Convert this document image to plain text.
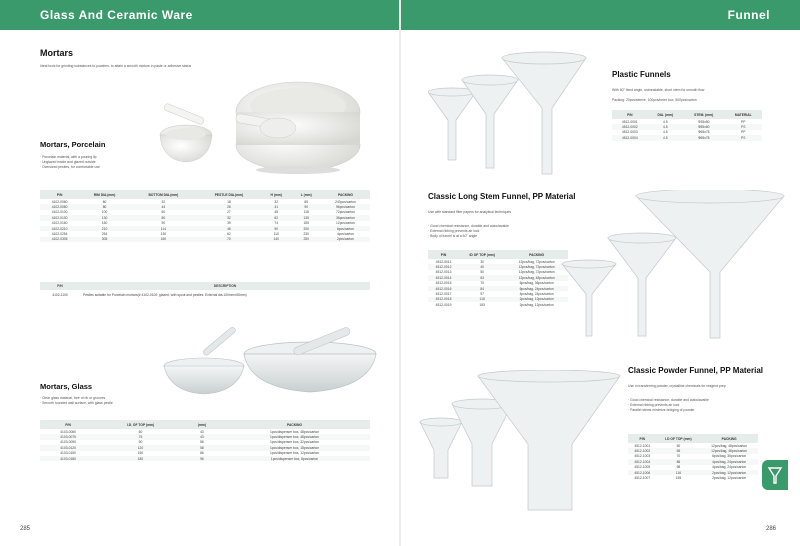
Glass And Ceramic Ware	Funnel
Mortars
Ideal tools for grinding substances to powders, to attain a smooth mixture in paste or adhesive status
Mortars, Porcelain
· Porcelain material, with a pouring lip
· Unglazed inside and glazed outside
· Oversized pestles, for comfortable use
P/N	RIM DIA.(mm)	BOTTOM DIA.(mm)	PESTLE DIA.(mm)	H (mm)	L (mm)	PACKING
4102-0060	60	32	18	32	65	240pcs/carton
4102-0080	80	44	26	41	90	96pcs/carton
4102-0100	100	60	27	45	118	72pcs/carton
4102-0130	130	80	32	62	135	36pcs/carton
4102-0160	160	90	39	74	155	12pcs/carton
4102-0210	210	114	46	90	200	6pcs/carton
4102-0254	254	130	62	110	230	4pcs/carton
4102-0305	305	160	70	140	250	2pcs/carton
P/N	DESCRIPTION
4102-1100	Pestles suitable for Porcelain mortars(# 4102-0100, glazed, with spout and pestles. External dia.100mm×65mm)
Mortars, Glass
· Clear glass material, free of rib or grooves
· Smooth rounded wall surface, with glass pestle
P/N	I.D. OF TOP (mm)	(mm)	PACKING
4103-0060	60	43	1pcs/dispenser box, 48pcs/carton
4103-0075	75	43	1pcs/dispenser box, 48pcs/carton
4103-0090	90	56	1pcs/dispenser box, 32pcs/carton
4103-0120	120	58	1pcs/dispenser box, 18pcs/carton
4103-0150	150	86	1pcs/dispenser box, 12pcs/carton
4103-0180	180	96	1pcs/dispenser box, 8pcs/carton
285
Plastic Funnels
With 60° fixed angle, unbreakable, short stem for smooth flow
Packing: 20pcs/sleeve, 100pcs/inner box, 500pcs/carton
P/N	DIA. (mm)	STEM. (mm)	MATERIAL
4512-0001	4.5	Φ35x50	PP
4512-0002	4.5	Φ55x60	PS
4512-0003	4.5	Φ65x78	PP
4512-0004	4.5	Φ65x78	PS
Classic Long Stem Funnel, PP Material
Use with standard filter papers for analytical techniques
· Good chemical resistance, durable and autoclavable
· External ribbing prevents air lock
· Body of funnel is at a 60° angle
P/N	ID OF TOP (mm)	PACKING
4512-0011	30	12pcs/bag, 72pcs/carton
4512-0012	40	12pcs/bag, 72pcs/carton
4512-0013	50	12pcs/bag, 72pcs/carton
4512-0014	63	12pcs/bag, 48pcs/carton
4512-0015	70	6pcs/bag, 36pcs/carton
4512-0016	84	6pcs/bag, 24pcs/carton
4512-0017	97	4pcs/bag, 24pcs/carton
4512-0018	118	2pcs/bag, 12pcs/carton
4512-0019	153	2pcs/bag, 12pcs/carton
Classic Powder Funnel, PP Material
Use in transferring powder, crystalline chemicals for reagent prep
· Good chemical resistance, durable and autoclavable
· External ribbing prevents air lock
· Parallel stems minimize bridging of powder
P/N	I.D OF TOP (mm)	PACKING
4512-1001	50	12pcs/bag, 48pcs/carton
4512-1002	65	12pcs/bag, 48pcs/carton
4512-1003	70	6pcs/bag, 36pcs/carton
4512-1004	86	4pcs/bag, 24pcs/carton
4512-1005	98	4pcs/bag, 24pcs/carton
4512-1006	116	2pcs/bag, 12pcs/carton
4512-1007	155	2pcs/bag, 12pcs/carton
286
